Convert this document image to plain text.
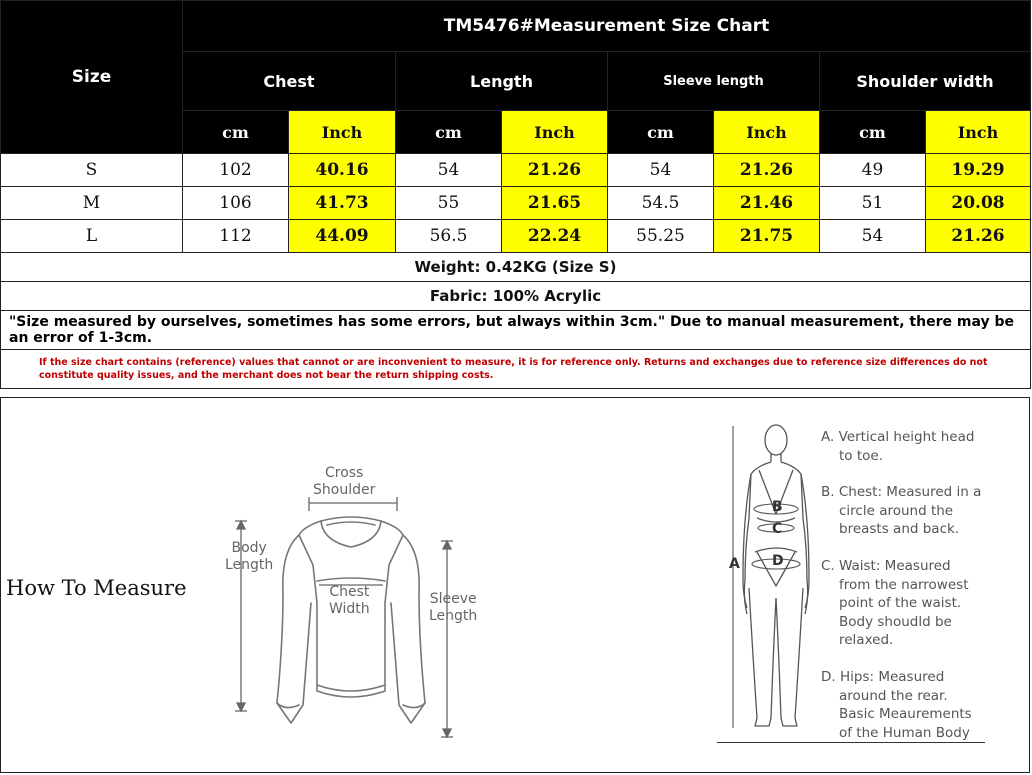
Size	TM5476#Measurement Size Chart							
	Chest		Length		Sleeve length		Shoulder width	
	cm	Inch	cm	Inch	cm	Inch	cm	Inch
S	102	40.16	54	21.26	54	21.26	49	19.29
M	106	41.73	55	21.65	54.5	21.46	51	20.08
L	112	44.09	56.5	22.24	55.25	21.75	54	21.26
Weight: 0.42KG (Size S)								
Fabric: 100% Acrylic								
"Size measured by ourselves, sometimes has some errors, but always within 3cm." Due to manual measurement, there may be an error of 1-3cm.								
If the size chart contains (reference) values that cannot or are inconvenient to measure, it is for reference only. Returns and exchanges due to reference size differences do not
constitute quality issues, and the merchant does not bear the return shipping costs.								
How To Measure
Cross
Shoulder
Body
Length
Chest
Width
Sleeve
Length
A
B
C
D
A. Vertical height head
to toe.
B. Chest: Measured in a
circle around the
breasts and back.
C. Waist: Measured
from the narrowest
point of the waist.
Body shoudld be
relaxed.
D. Hips: Measured
around the rear.
Basic Meaurements
of the Human Body
